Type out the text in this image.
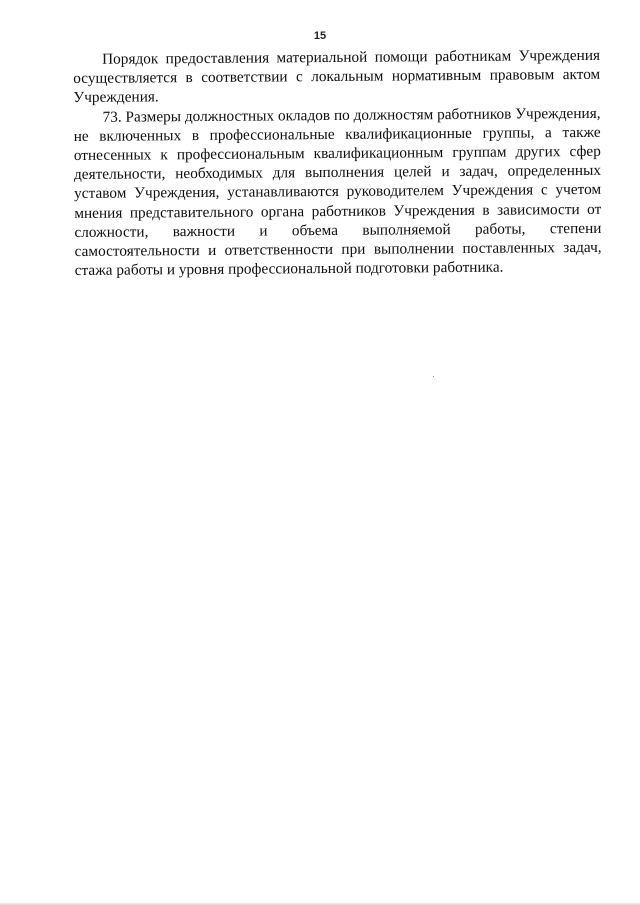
15

Порядок предоставления материальной помощи работникам Учреждения осуществляется в соответствии с локальным нормативным правовым актом Учреждения.

73. Размеры должностных окладов по должностям работников Учреждения, не включенных в профессиональные квалификационные группы, а также отнесенных к профессиональным квалификационным группам других сфер деятельности, необходимых для выполнения целей и задач, определенных уставом Учреждения, устанавливаются руководителем Учреждения с учетом мнения представительного органа работников Учреждения в зависимости от сложности, важности и объема выполняемой работы, степени самостоятельности и ответственности при выполнении поставленных задач, стажа работы и уровня профессиональной подготовки работника.
